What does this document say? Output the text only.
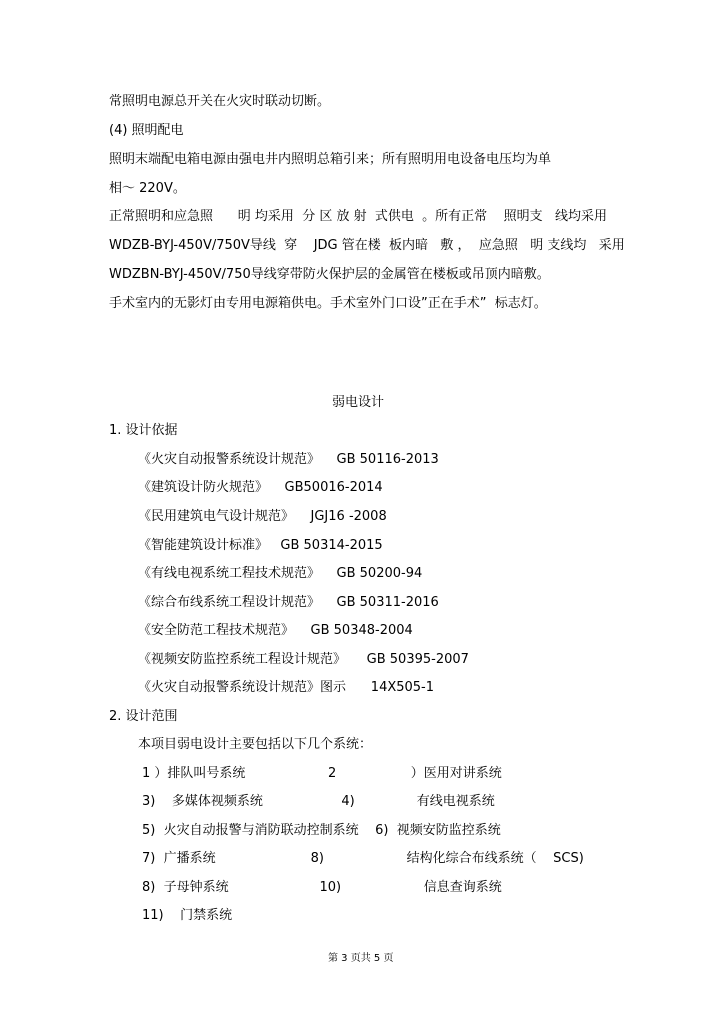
常照明电源总开关在火灾时联动切断。
(4) 照明配电
照明末端配电箱电源由强电井内照明总箱引来；所有照明用电设备电压均为单
相～ 220V。
正常照明和应急照      明 均采用  分 区 放 射  式供电  。所有正常    照明支   线均采用
WDZB-BYJ-450V/750V导线  穿    JDG 管在楼  板内暗   敷 ，  应急照   明 支线均   采用
WDZBN-BYJ-450V/750导线穿带防火保护层的金属管在楼板或吊顶内暗敷。
手术室内的无影灯由专用电源箱供电。手术室外门口设”正在手术”  标志灯。
弱电设计
1. 设计依据
《火灾自动报警系统设计规范》    GB 50116-2013
《建筑设计防火规范》    GB50016-2014
《民用建筑电气设计规范》    JGJ16 -2008
《智能建筑设计标准》   GB 50314-2015
《有线电视系统工程技术规范》    GB 50200-94
《综合布线系统工程设计规范》    GB 50311-2016
《安全防范工程技术规范》    GB 50348-2004
《视频安防监控系统工程设计规范》     GB 50395-2007
《火灾自动报警系统设计规范》图示      14X505-1
2. 设计范围
本项目弱电设计主要包括以下几个系统：
1 ）排队叫号系统                    2                  ）医用对讲系统
3)    多媒体视频系统                   4)               有线电视系统
5)  火灾自动报警与消防联动控制系统    6)  视频安防监控系统
7)  广播系统                       8)                    结构化综合布线系统（    SCS)
8)  子母钟系统                      10)                    信息查询系统
11)    门禁系统
第 3 页共 5 页
